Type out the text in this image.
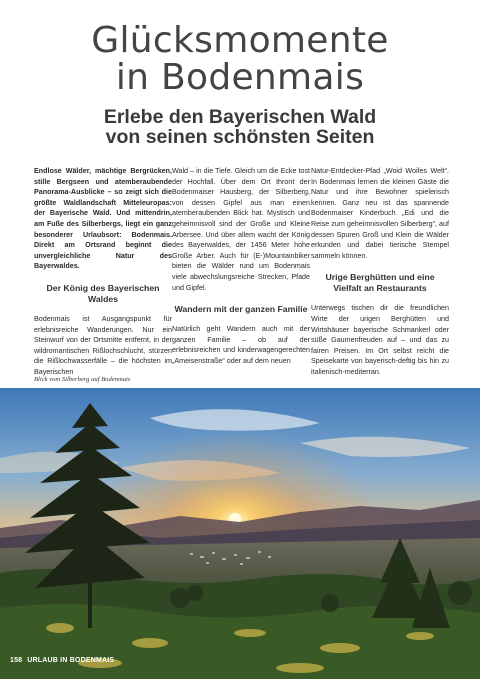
Glücksmomente
in Bodenmais
Erlebe den Bayerischen Wald
von seinen schönsten Seiten

Endlose Wälder, mächtige Bergrücken, stille Bergseen und atemberaubende Panorama-Ausblicke – so zeigt sich die größte Waldlandschaft Mitteleuropas: der Bayerische Wald. Und mittendrin, am Fuße des Silberbergs, liegt ein ganz besonderer Urlaubsort: Bodenmais. Direkt am Ortsrand beginnt die unvergleichliche Natur des Bayerwaldes.

Der König des Bayerischen Waldes

Bodenmais ist Ausgangspunkt für erlebnisreiche Wanderungen. Nur ein Steinwurf von der Ortsmitte entfernt, in der wildromantischen Rißlochschlucht, stürzen die Rißlochwasserfälle – die höchsten im Bayerischen

Wald – in die Tiefe. Gleich um die Ecke tost der Hochfall. Über dem Ort thront der Bodenmaiser Hausberg, der Silberberg, von dessen Gipfel aus man einen atemberaubenden Blick hat. Mystisch und geheimnisvoll sind der Große und Kleine Arbersee. Und über allem wacht der König des Bayerwaldes, der 1456 Meter hohe Große Arber. Auch für (E-)Mountainbiker bieten die Wälder rund um Bodenmais viele abwechslungsreiche Strecken, Pfade und Gipfel.

Wandern mit der ganzen Familie

Natürlich geht Wandern auch mit der ganzen Familie – ob auf der erlebnisreichen und kinderwagengerechten „Ameisenstraße“ oder auf dem neuen

Natur-Entdecker-Pfad „Woid Woifes Welt“. In Bodenmais lernen die kleinen Gäste die Natur und ihre Bewohner spielerisch kennen. Ganz neu ist das spannende Bodenmaiser Kinderbuch „Edi und die Reise zum geheimnisvollen Silberberg“, auf dessen Spuren Groß und Klein die Wälder erkunden und dabei tierische Stempel sammeln können.

Urige Berghütten und eine Vielfalt an Restaurants

Unterwegs tischen dir die freundlichen Wirte der urigen Berghütten und Wirtshäuser bayerische Schmankerl oder süße Gaumenfreuden auf – und das zu fairen Preisen. Im Ort selbst reicht die Speisekarte von bayerisch-deftig bis hin zu italienisch-mediterran.

Blick vom Silberberg auf Bodenmais
158 URLAUB IN BODENMAIS
